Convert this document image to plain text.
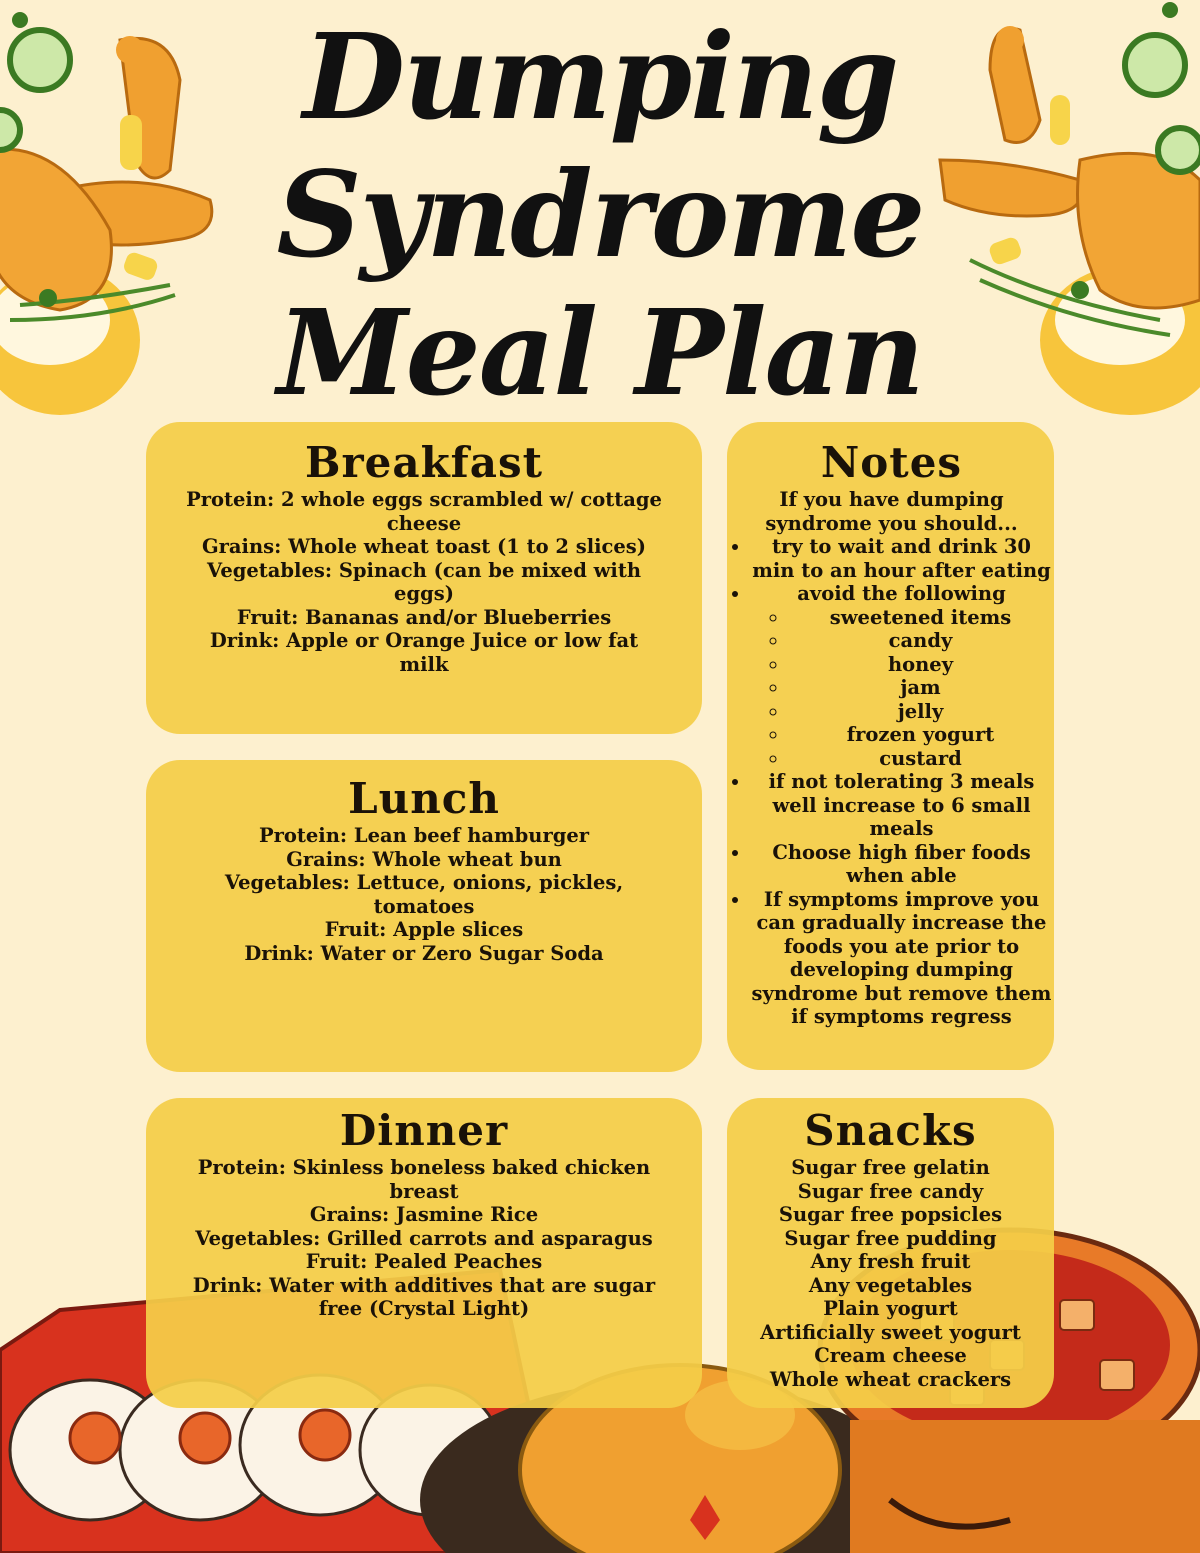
Dumping
Syndrome
Meal Plan
Breakfast

Protein: 2 whole eggs scrambled w/ cottage cheese

Grains: Whole wheat toast (1 to 2 slices)

Vegetables: Spinach (can be mixed with eggs)

Fruit: Bananas and/or Blueberries

Drink: Apple or Orange Juice or low fat milk

Lunch

Protein: Lean beef hamburger

Grains: Whole wheat bun

Vegetables: Lettuce, onions, pickles, tomatoes

Fruit: Apple slices

Drink: Water or Zero Sugar Soda

Dinner

Protein: Skinless boneless baked chicken breast

Grains: Jasmine Rice

Vegetables: Grilled carrots and asparagus

Fruit: Pealed Peaches

Drink: Water with additives that are sugar free (Crystal Light)

Notes

If you have dumping syndrome you should...

• try to wait and drink 30 min to an hour after eating
• avoid the following
◦ sweetened items
◦ candy
◦ honey
◦ jam
◦ jelly
◦ frozen yogurt
◦ custard
• if not tolerating 3 meals well increase to 6 small meals
• Choose high fiber foods when able
• If symptoms improve you can gradually increase the foods you ate prior to developing dumping syndrome but remove them if symptoms regress
Snacks

Sugar free gelatin

Sugar free candy

Sugar free popsicles

Sugar free pudding

Any fresh fruit

Any vegetables

Plain yogurt

Artificially sweet yogurt

Cream cheese

Whole wheat crackers
